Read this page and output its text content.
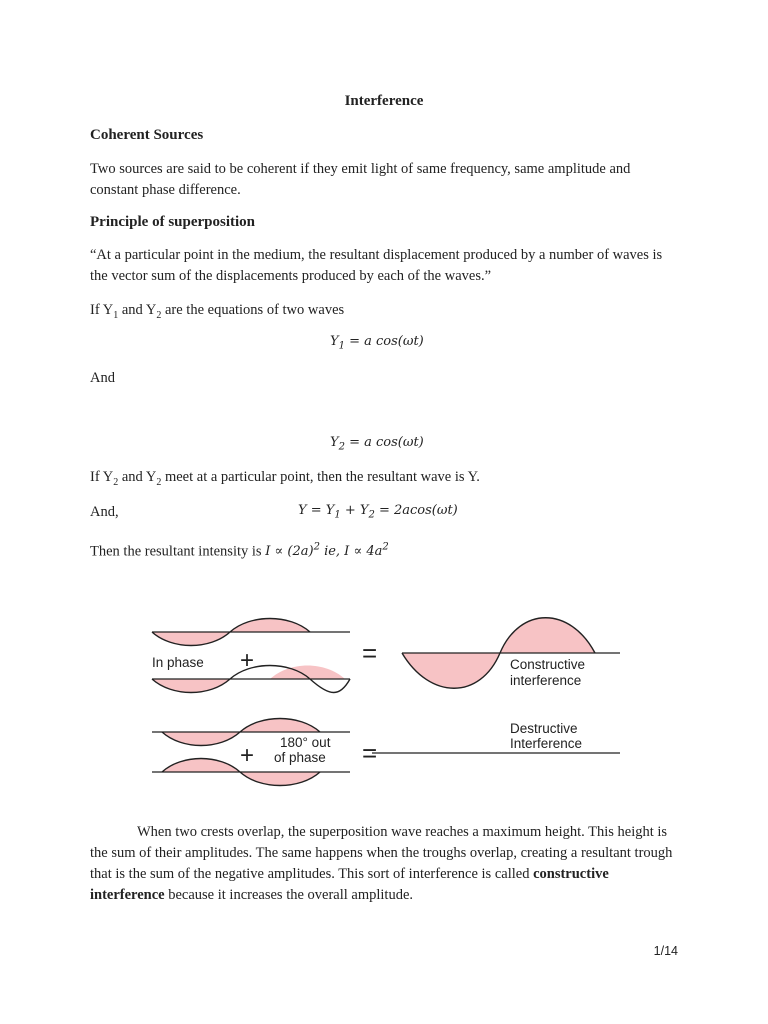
Interference
Coherent Sources
Two sources are said to be coherent if they emit light of same frequency, same amplitude and constant phase difference.
Principle of superposition
“At a particular point in the medium, the resultant displacement produced by a number of waves is the vector sum of the displacements produced by each of the waves.”
If $Y_1$ and $Y_2$ are the equations of two waves
$Y_1 = a$ cos(ωt)
And
$Y_2 = a$ cos(ωt)
If $Y_2$ and $Y_2$ meet at a particular point, then the resultant wave is Y.
And,	$Y = Y_1 + Y_2 = 2acos(\omega t)$
Then the resultant intensity is $I \propto (2a)^2$ ie, $I \propto 4a^2$
In phase +	=	Constructive
interference
Destructive
Interference
+ 180° out
of phase =
When two crests overlap, the superposition wave reaches a maximum height. This height is the sum of their amplitudes. The same happens when the troughs overlap, creating a resultant trough that is the sum of the negative amplitudes. This sort of interference is called constructive interference because it increases the overall amplitude.
1/14
